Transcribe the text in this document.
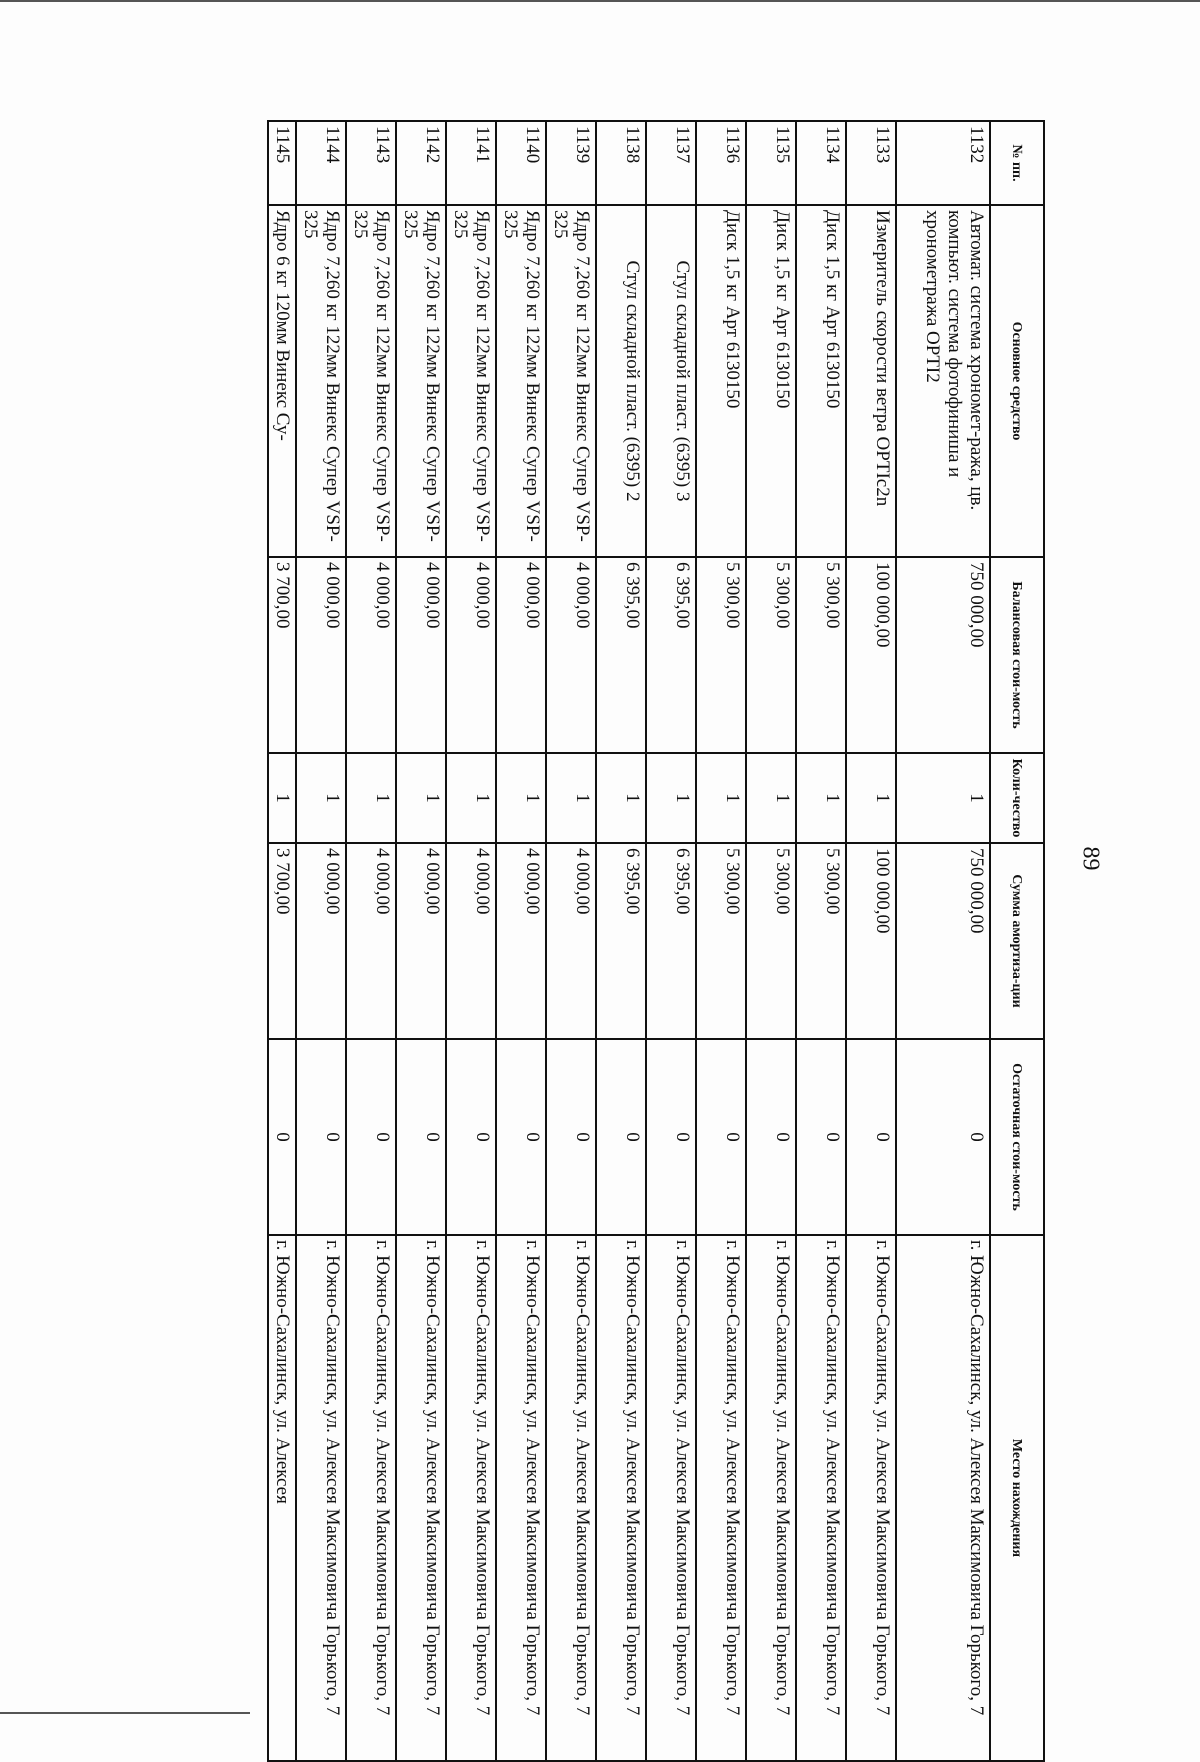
89
№ пп.	Основное средство	Балансовая стои-мость	Коли-чество	Сумма амортиза-ции	Остаточная стои-мость	Место нахождения
1132	Автомат. система хрономет-ража, цв. компьют. система фотофиниша и хронометража OPTI2	750 000,00	1	750 000,00	0	г. Южно-Сахалинск, ул. Алексея Максимовича Горького, 7
1133	Измеритель скорости ветра OPTIc2n	100 000,00	1	100 000,00	0	г. Южно-Сахалинск, ул. Алексея Максимовича Горького, 7
1134	Диск 1,5 кг Арт 6130150	5 300,00	1	5 300,00	0	г. Южно-Сахалинск, ул. Алексея Максимовича Горького, 7
1135	Диск 1,5 кг Арт 6130150	5 300,00	1	5 300,00	0	г. Южно-Сахалинск, ул. Алексея Максимовича Горького, 7
1136	Диск 1,5 кг Арт 6130150	5 300,00	1	5 300,00	0	г. Южно-Сахалинск, ул. Алексея Максимовича Горького, 7
1137	Стул складной пласт. (6395) 3	6 395,00	1	6 395,00	0	г. Южно-Сахалинск, ул. Алексея Максимовича Горького, 7
1138	Стул складной пласт. (6395) 2	6 395,00	1	6 395,00	0	г. Южно-Сахалинск, ул. Алексея Максимовича Горького, 7
1139	Ядро 7,260 кг 122мм Винекс Супер VSP-325	4 000,00	1	4 000,00	0	г. Южно-Сахалинск, ул. Алексея Максимовича Горького, 7
1140	Ядро 7,260 кг 122мм Винекс Супер VSP-325	4 000,00	1	4 000,00	0	г. Южно-Сахалинск, ул. Алексея Максимовича Горького, 7
1141	Ядро 7,260 кг 122мм Винекс Супер VSP-325	4 000,00	1	4 000,00	0	г. Южно-Сахалинск, ул. Алексея Максимовича Горького, 7
1142	Ядро 7,260 кг 122мм Винекс Супер VSP-325	4 000,00	1	4 000,00	0	г. Южно-Сахалинск, ул. Алексея Максимовича Горького, 7
1143	Ядро 7,260 кг 122мм Винекс Супер VSP-325	4 000,00	1	4 000,00	0	г. Южно-Сахалинск, ул. Алексея Максимовича Горького, 7
1144	Ядро 7,260 кг 122мм Винекс Супер VSP-325	4 000,00	1	4 000,00	0	г. Южно-Сахалинск, ул. Алексея Максимовича Горького, 7
1145	Ядро 6 кг 120мм Винекс Су-	3 700,00	1	3 700,00	0	г. Южно-Сахалинск, ул. Алексея
